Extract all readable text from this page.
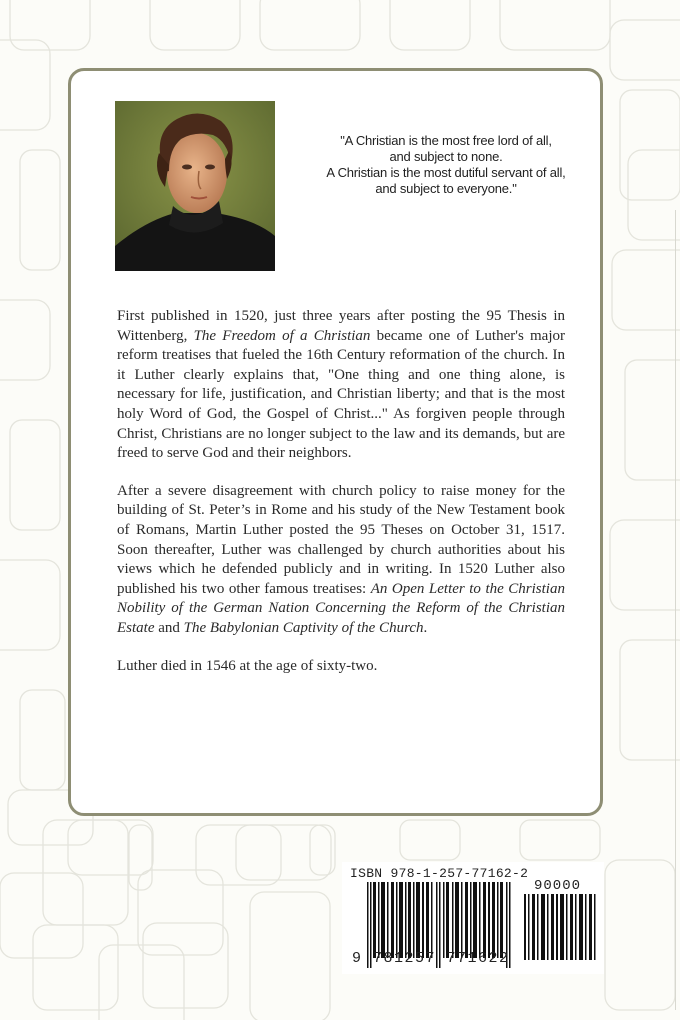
"A Christian is the most free lord of all,
and subject to none.
A Christian is the most dutiful servant of all,
and subject to everyone."

First published in 1520, just three years after posting the 95 Thesis in Wittenberg, The Freedom of a Christian became one of Luther's major reform treatises that fueled the 16th Century reformation of the church. In it Luther clearly explains that, "One thing and one thing alone, is necessary for life, justification, and Christian liberty; and that is the most holy Word of God, the Gospel of Christ..." As forgiven people through Christ, Christians are no longer subject to the law and its demands, but are freed to serve God and their neighbors.

After a severe disagreement with church policy to raise money for the building of St. Peter’s in Rome and his study of the New Testament book of Romans, Martin Luther posted the 95 Theses on October 31, 1517. Soon thereafter, Luther was challenged by church authorities about his views which he defended publicly and in writing. In 1520 Luther also published his two other famous treatises: An Open Letter to the Christian Nobility of the German Nation Concerning the Reform of the Christian Estate and The Babylonian Captivity of the Church.

Luther died in 1546 at the age of sixty-two.

ISBN 978-1-257-77162-2
90000
9 781257 771622
